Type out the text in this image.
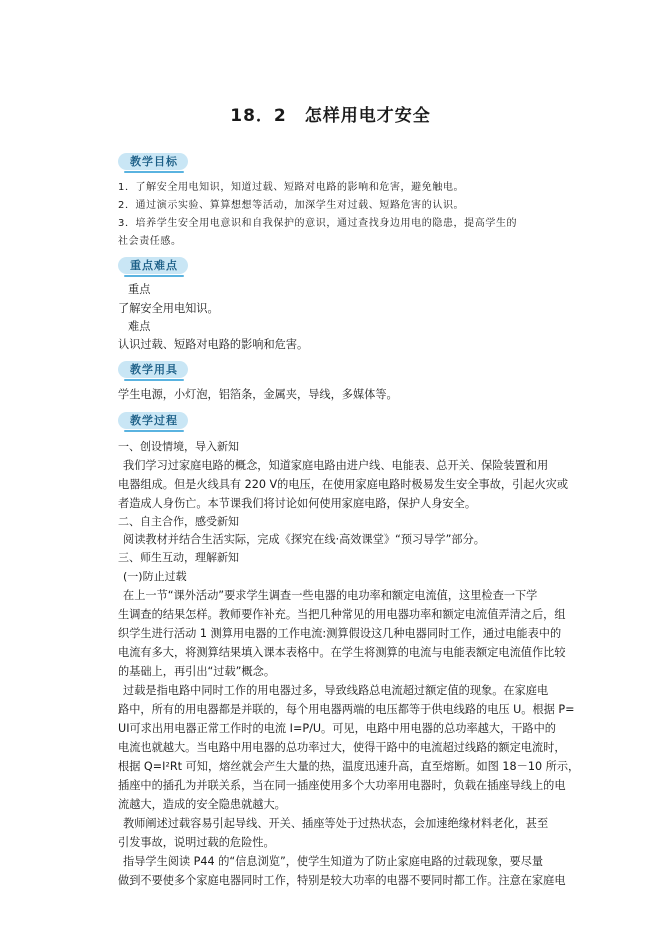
18．2　怎样用电才安全
教学目标
1．了解安全用电知识，知道过载、短路对电路的影响和危害，避免触电。
2．通过演示实验、算算想想等活动，加深学生对过载、短路危害的认识。
3．培养学生安全用电意识和自我保护的意识，通过查找身边用电的隐患，提高学生的
社会责任感。
重点难点
重点
了解安全用电知识。
难点
认识过载、短路对电路的影响和危害。
教学用具
学生电源，小灯泡，铝箔条，金属夹，导线，多媒体等。
教学过程
一、创设情境，导入新知
我们学习过家庭电路的概念，知道家庭电路由进户线、电能表、总开关、保险装置和用
电器组成。但是火线具有 220 V的电压，在使用家庭电路时极易发生安全事故，引起火灾或
者造成人身伤亡。本节课我们将讨论如何使用家庭电路，保护人身安全。
二、自主合作，感受新知
阅读教材并结合生活实际，完成《探究在线·高效课堂》“预习导学”部分。
三、师生互动，理解新知
(一)防止过载
在上一节“课外活动”要求学生调查一些电器的电功率和额定电流值，这里检查一下学
生调查的结果怎样。教师要作补充。当把几种常见的用电器功率和额定电流值弄清之后，组
织学生进行活动 1 测算用电器的工作电流:测算假设这几种电器同时工作，通过电能表中的
电流有多大，将测算结果填入课本表格中。在学生将测算的电流与电能表额定电流值作比较
的基础上，再引出“过载”概念。
过载是指电路中同时工作的用电器过多，导致线路总电流超过额定值的现象。在家庭电
路中，所有的用电器都是并联的，每个用电器两端的电压都等于供电线路的电压 U。根据 P=
UI可求出用电器正常工作时的电流 I=P/U。可见，电路中用电器的总功率越大，干路中的
电流也就越大。当电路中用电器的总功率过大，使得干路中的电流超过线路的额定电流时，
根据 Q=I²Rt 可知，熔丝就会产生大量的热，温度迅速升高，直至熔断。如图 18－10 所示，
插座中的插孔为并联关系，当在同一插座使用多个大功率用电器时，负载在插座导线上的电
流越大，造成的安全隐患就越大。
教师阐述过载容易引起导线、开关、插座等处于过热状态，会加速绝缘材料老化，甚至
引发事故，说明过载的危险性。
指导学生阅读 P44 的“信息浏览”，使学生知道为了防止家庭电路的过载现象，要尽量
做到不要使多个家庭电器同时工作，特别是较大功率的电器不要同时都工作。注意在家庭电
